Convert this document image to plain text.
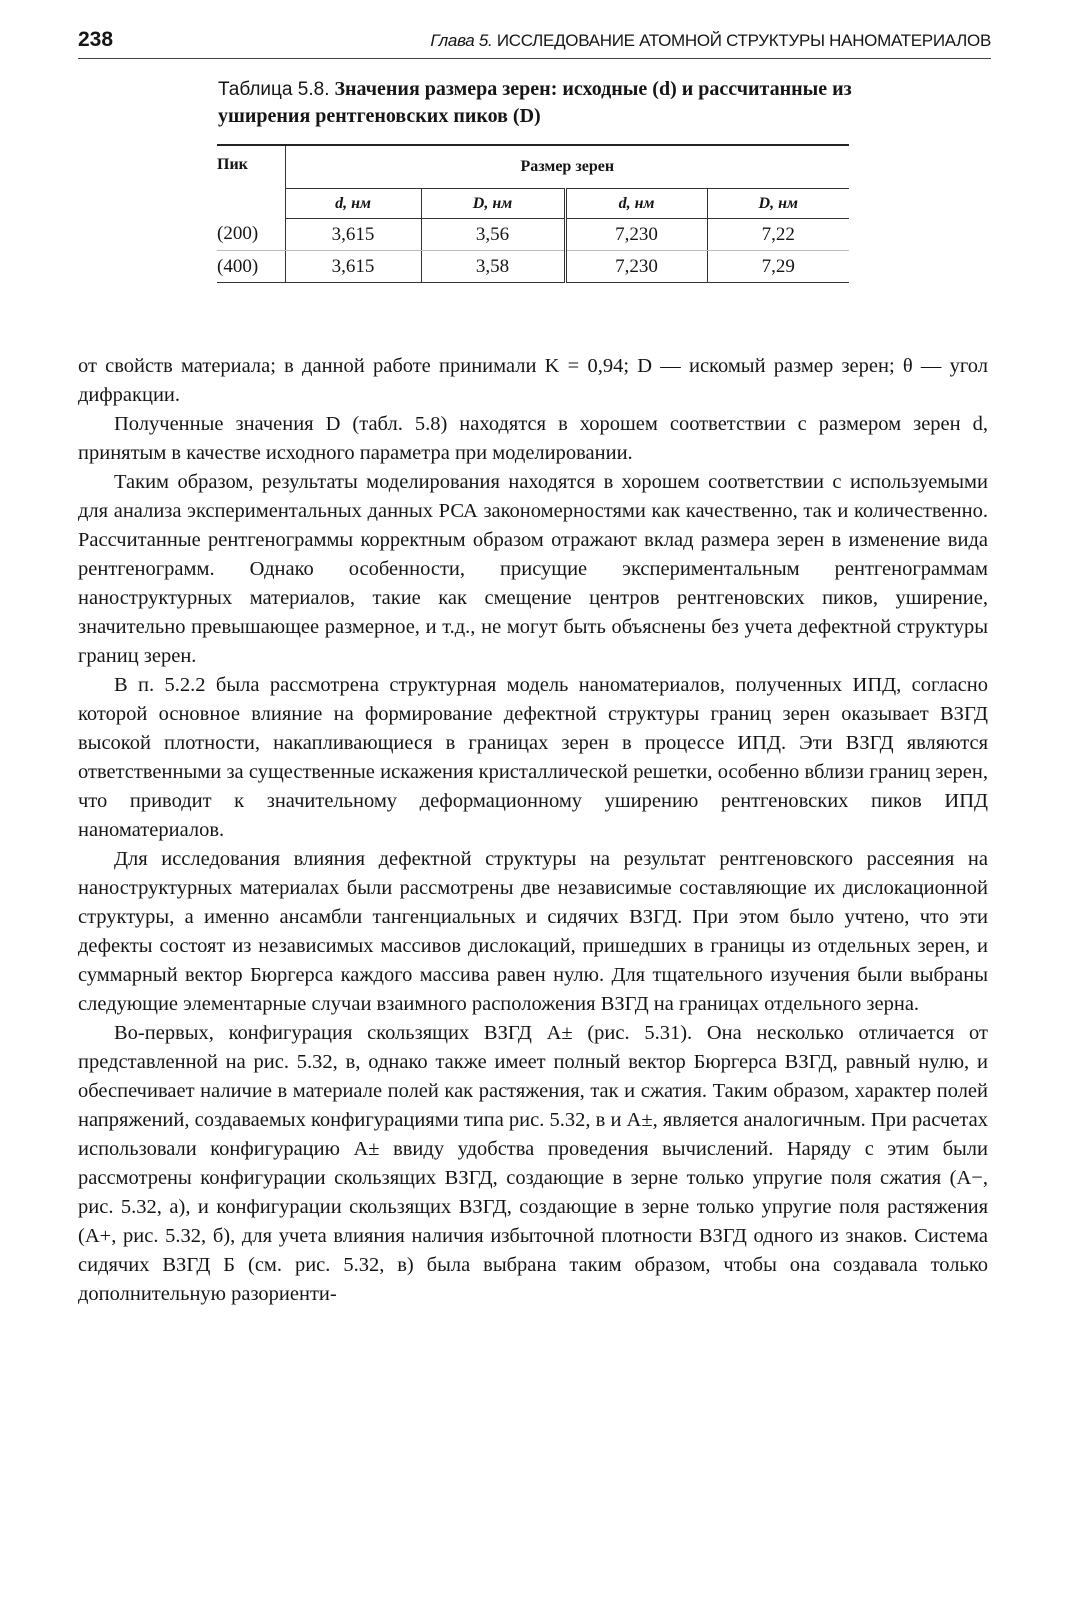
238	Глава 5. ИССЛЕДОВАНИЕ АТОМНОЙ СТРУКТУРЫ НАНОМАТЕРИАЛОВ
Таблица 5.8. Значения размера зерен: исходные (d) и рассчитанные из уширения рентгеновских пиков (D)
Пик	Размер зерен			
	d, нм	D, нм	d, нм	D, нм
(200)	3,615	3,56	7,230	7,22
(400)	3,615	3,58	7,230	7,29

от свойств материала; в данной работе принимали K = 0,94; D — искомый размер зерен; θ — угол дифракции.

Полученные значения D (табл. 5.8) находятся в хорошем соответствии с размером зерен d, принятым в качестве исходного параметра при моделировании.

Таким образом, результаты моделирования находятся в хорошем соответствии с используемыми для анализа экспериментальных данных РСА закономерностями как качественно, так и количественно. Рассчитанные рентгенограммы корректным образом отражают вклад размера зерен в изменение вида рентгенограмм. Однако особенности, присущие экспериментальным рентгенограммам наноструктурных материалов, такие как смещение центров рентгеновских пиков, уширение, значительно превышающее размерное, и т.д., не могут быть объяснены без учета дефектной структуры границ зерен.

В п. 5.2.2 была рассмотрена структурная модель наноматериалов, полученных ИПД, согласно которой основное влияние на формирование дефектной структуры границ зерен оказывает ВЗГД высокой плотности, накапливающиеся в границах зерен в процессе ИПД. Эти ВЗГД являются ответственными за существенные искажения кристаллической решетки, особенно вблизи границ зерен, что приводит к значительному деформационному уширению рентгеновских пиков ИПД наноматериалов.

Для исследования влияния дефектной структуры на результат рентгеновского рассеяния на наноструктурных материалах были рассмотрены две независимые составляющие их дислокационной структуры, а именно ансамбли тангенциальных и сидячих ВЗГД. При этом было учтено, что эти дефекты состоят из независимых массивов дислокаций, пришедших в границы из отдельных зерен, и суммарный вектор Бюргерса каждого массива равен нулю. Для тщательного изучения были выбраны следующие элементарные случаи взаимного расположения ВЗГД на границах отдельного зерна.

Во-первых, конфигурация скользящих ВЗГД A± (рис. 5.31). Она несколько отличается от представленной на рис. 5.32, в, однако также имеет полный вектор Бюргерса ВЗГД, равный нулю, и обеспечивает наличие в материале полей как растяжения, так и сжатия. Таким образом, характер полей напряжений, создаваемых конфигурациями типа рис. 5.32, в и A±, является аналогичным. При расчетах использовали конфигурацию A± ввиду удобства проведения вычислений. Наряду с этим были рассмотрены конфигурации скользящих ВЗГД, создающие в зерне только упругие поля сжатия (A−, рис. 5.32, а), и конфигурации скользящих ВЗГД, создающие в зерне только упругие поля растяжения (A+, рис. 5.32, б), для учета влияния наличия избыточной плотности ВЗГД одного из знаков. Система сидячих ВЗГД Б (см. рис. 5.32, в) была выбрана таким образом, чтобы она создавала только дополнительную разориенти-
